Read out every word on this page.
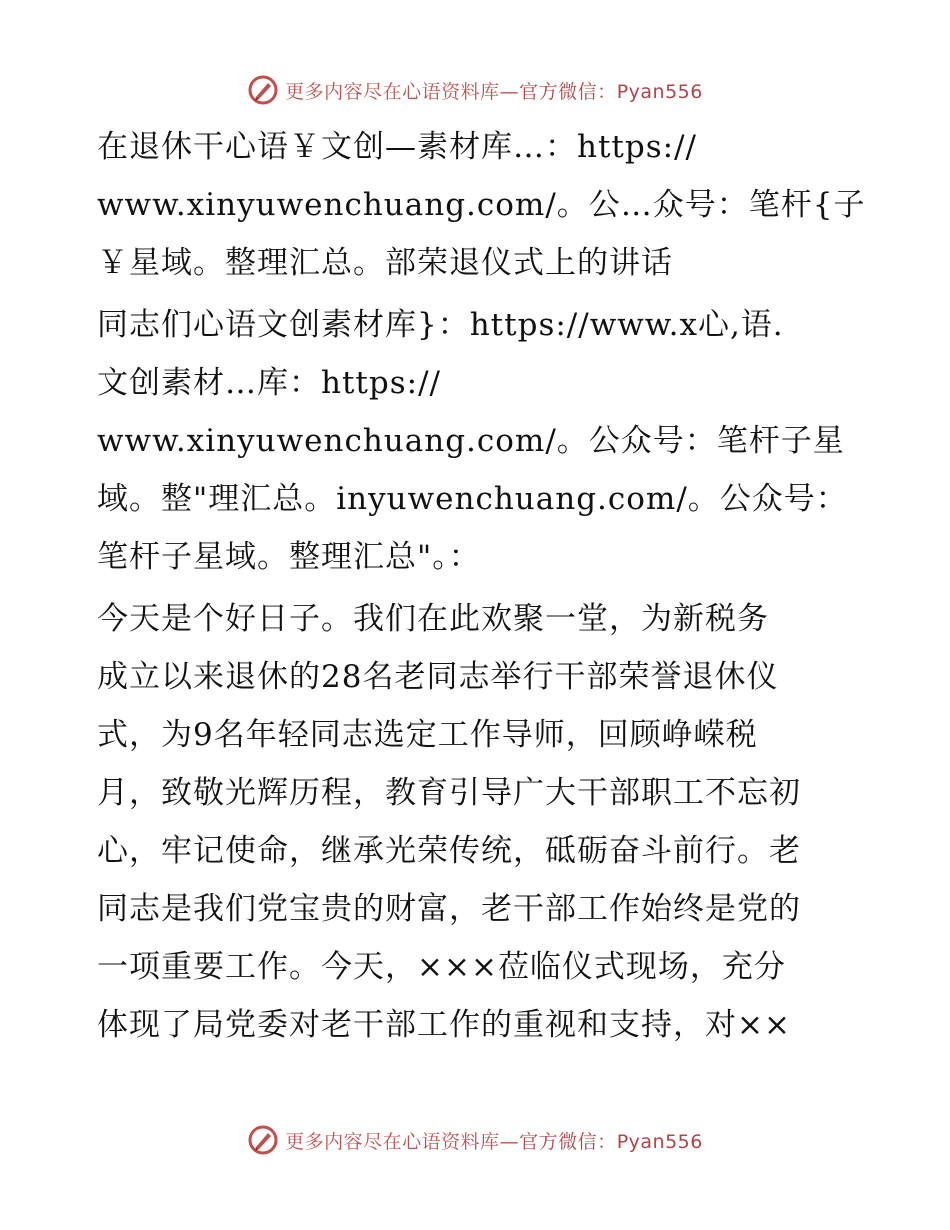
更多内容尽在心语资料库—官方微信：Pyan556
在退休干心语￥文创—素材库…：https://
www.xinyuwenchuang.com/。公…众号：笔杆{子
￥星域。整理汇总。部荣退仪式上的讲话
同志们心语文创素材库}：https://www.x心,语.
文创素材…库：https://
www.xinyuwenchuang.com/。公众号：笔杆子星
域。整"理汇总。inyuwenchuang.com/。公众号：
笔杆子星域。整理汇总"。：
今天是个好日子。我们在此欢聚一堂，为新税务
成立以来退休的28名老同志举行干部荣誉退休仪
式，为9名年轻同志选定工作导师，回顾峥嵘税
月，致敬光辉历程，教育引导广大干部职工不忘初
心，牢记使命，继承光荣传统，砥砺奋斗前行。老
同志是我们党宝贵的财富，老干部工作始终是党的
一项重要工作。今天，×××莅临仪式现场，充分
体现了局党委对老干部工作的重视和支持，对××
更多内容尽在心语资料库—官方微信：Pyan556
